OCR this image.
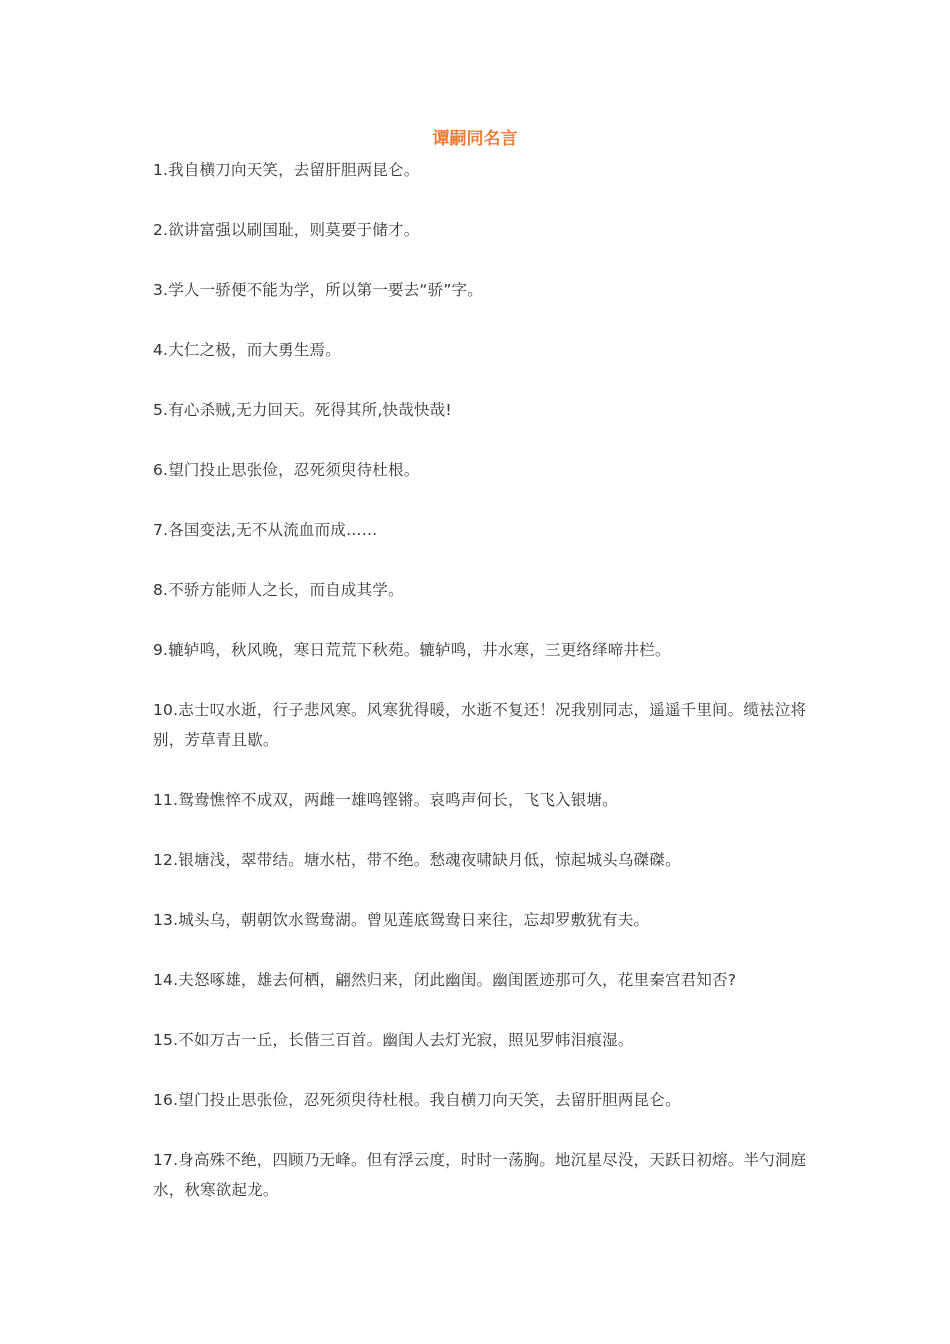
谭嗣同名言

1.我自横刀向天笑，去留肝胆两昆仑。

2.欲讲富强以刷国耻，则莫要于储才。

3.学人一骄便不能为学，所以第一要去“骄”字。

4.大仁之极，而大勇生焉。

5.有心杀贼,无力回天。死得其所,快哉快哉!

6.望门投止思张俭，忍死须臾待杜根。

7.各国变法,无不从流血而成……

8.不骄方能师人之长，而自成其学。

9.辘轳鸣，秋风晚，寒日荒荒下秋苑。辘轳鸣，井水寒，三更络绎啼井栏。

10.志士叹水逝，行子悲风寒。风寒犹得暖，水逝不复还！况我别同志，遥遥千里间。缆袪泣将别，芳草青且歇。

11.鸳鸯憔悴不成双，两雌一雄鸣铿锵。哀鸣声何长，飞飞入银塘。

12.银塘浅，翠带结。塘水枯，带不绝。愁魂夜啸缺月低，惊起城头乌磔磔。

13.城头乌，朝朝饮水鸳鸯湖。曾见莲底鸳鸯日来往，忘却罗敷犹有夫。

14.夫怒啄雄，雄去何栖，翩然归来，闭此幽闺。幽闺匿迹那可久，花里秦宫君知否?

15.不如万古一丘，长偕三百首。幽闺人去灯光寂，照见罗帏泪痕湿。

16.望门投止思张俭，忍死须臾待杜根。我自横刀向天笑，去留肝胆两昆仑。

17.身高殊不绝，四顾乃无峰。但有浮云度，时时一荡胸。地沉星尽没，天跃日初熔。半勺洞庭水，秋寒欲起龙。
